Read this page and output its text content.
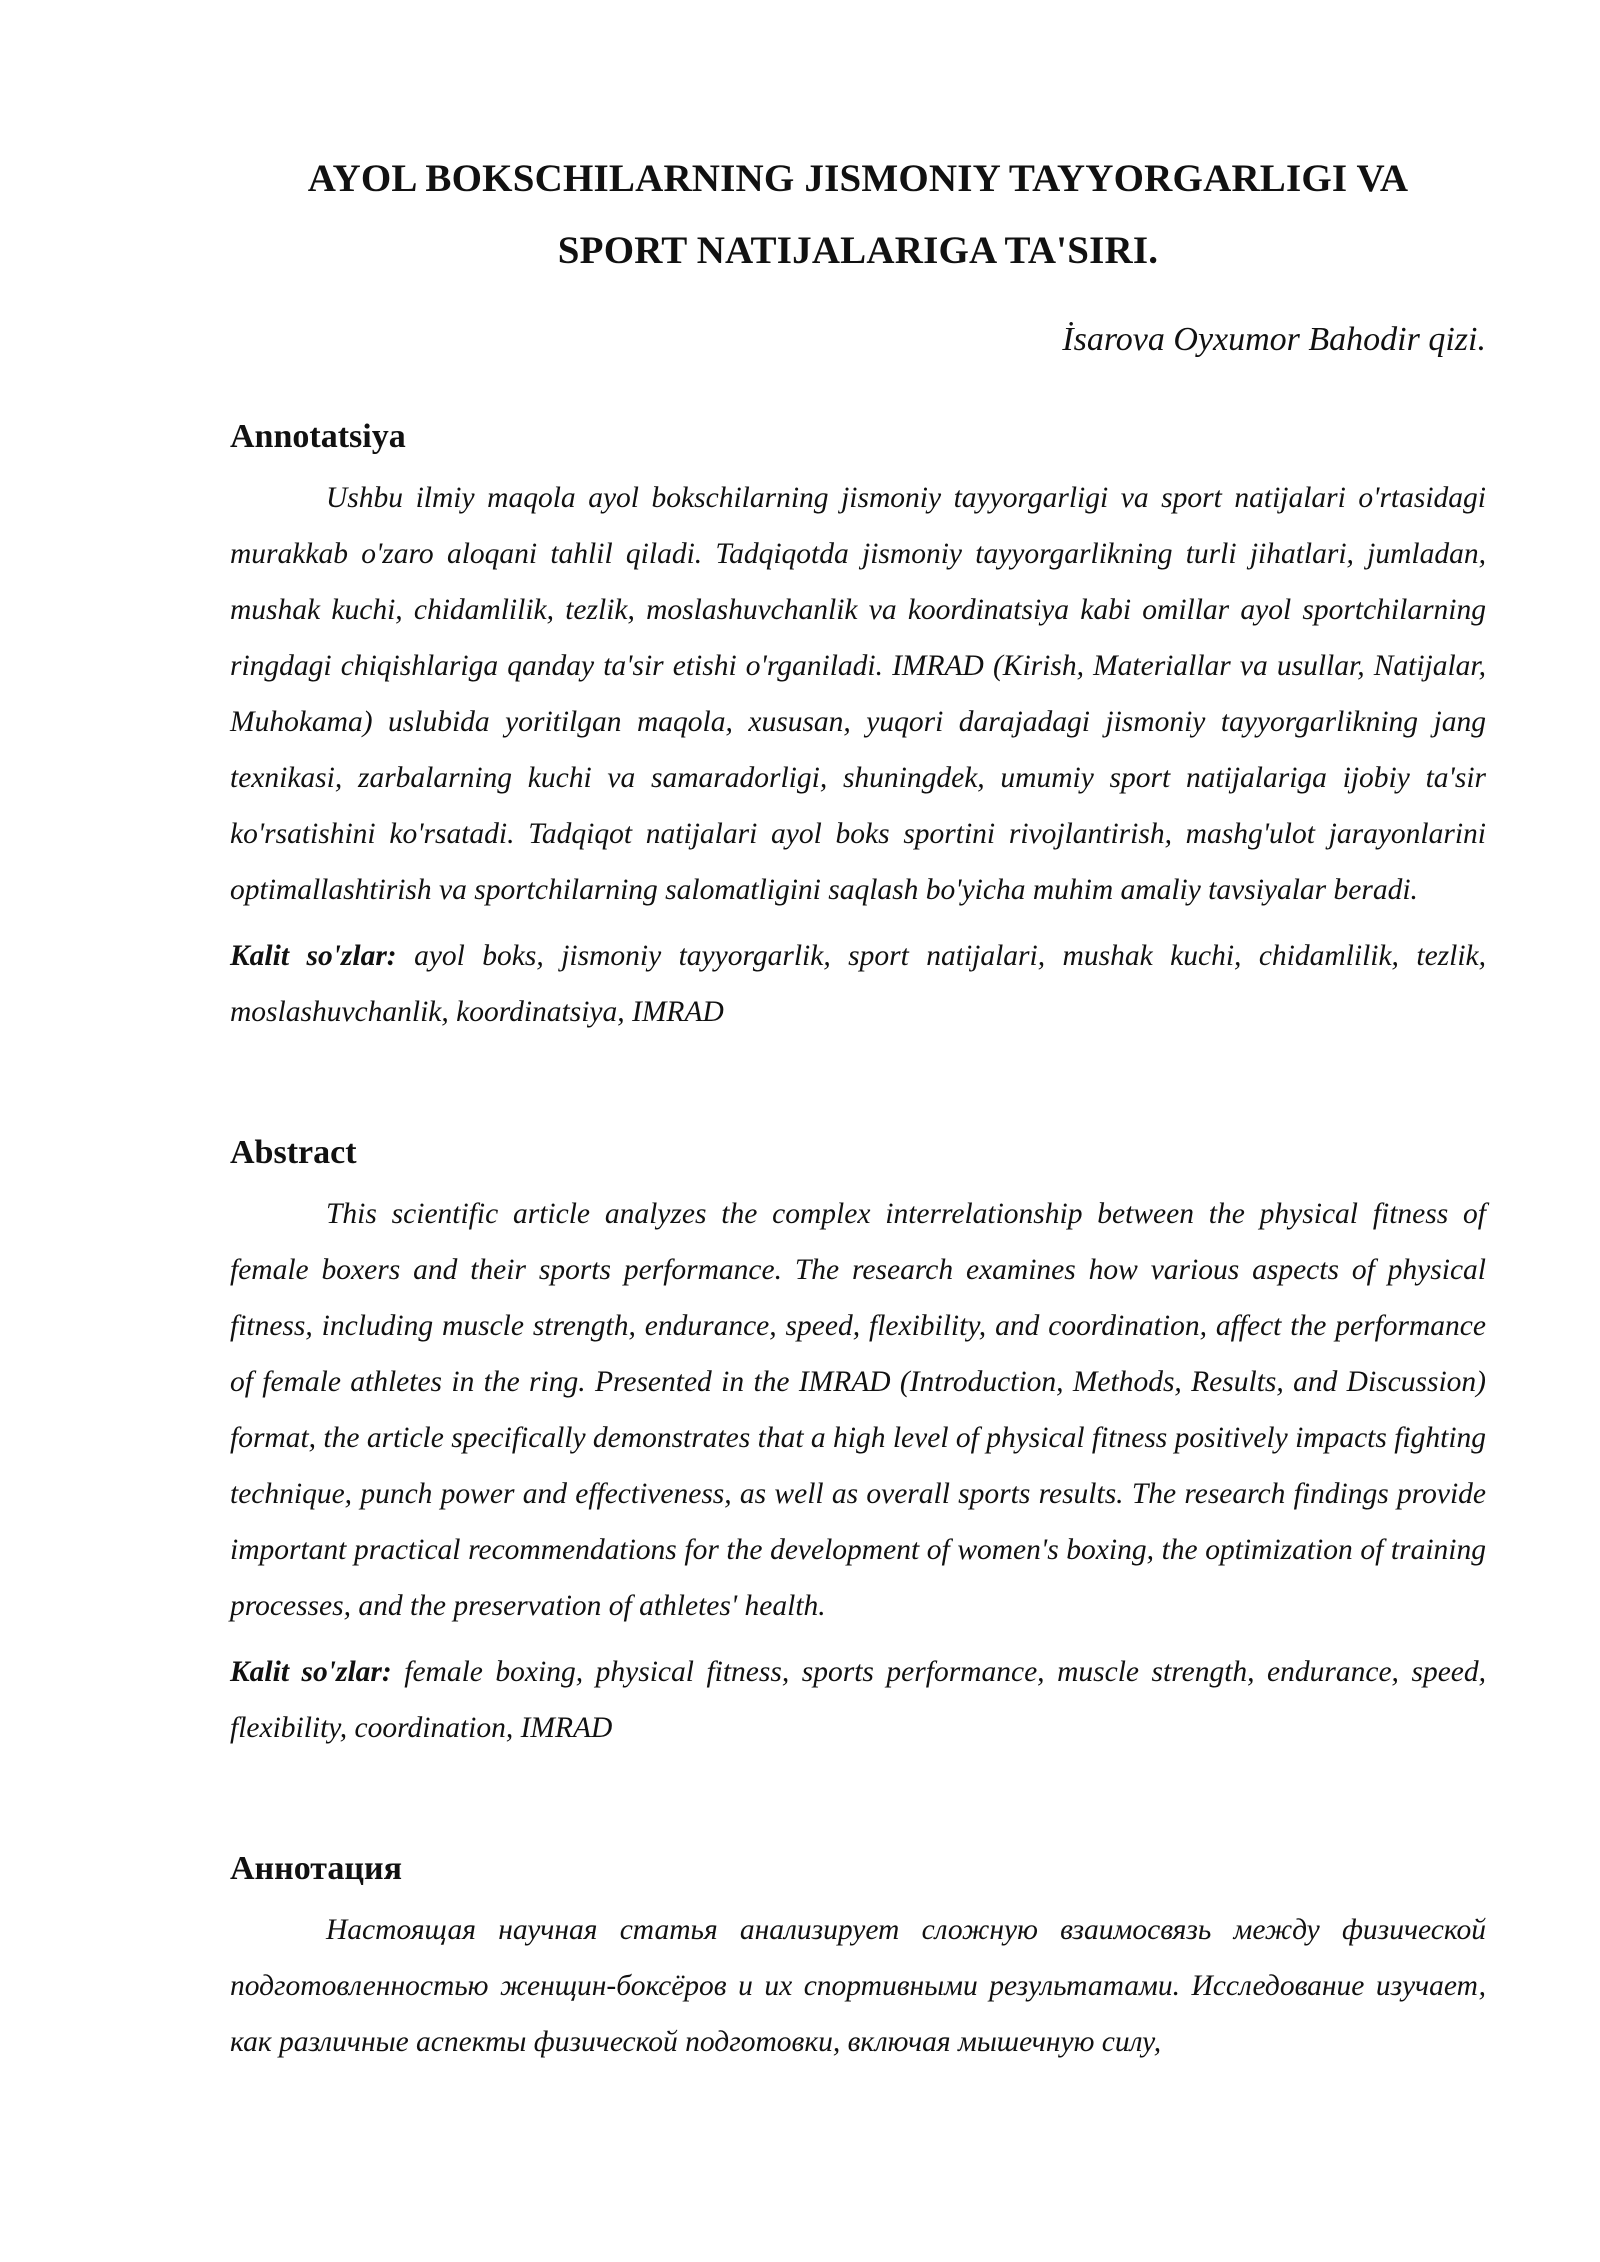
AYOL BOKSCHILARNING JISMONIY TAYYORGARLIGI VA
SPORT NATIJALARIGA TA'SIRI.
İsarova Oyxumor Bahodir qizi.
Annotatsiya

Ushbu ilmiy maqola ayol bokschilarning jismoniy tayyorgarligi va sport natijalari o'rtasidagi murakkab o'zaro aloqani tahlil qiladi. Tadqiqotda jismoniy tayyorgarlikning turli jihatlari, jumladan, mushak kuchi, chidamlilik, tezlik, moslashuvchanlik va koordinatsiya kabi omillar ayol sportchilarning ringdagi chiqishlariga qanday ta'sir etishi o'rganiladi. IMRAD (Kirish, Materiallar va usullar, Natijalar, Muhokama) uslubida yoritilgan maqola, xususan, yuqori darajadagi jismoniy tayyorgarlikning jang texnikasi, zarbalarning kuchi va samaradorligi, shuningdek, umumiy sport natijalariga ijobiy ta'sir ko'rsatishini ko'rsatadi. Tadqiqot natijalari ayol boks sportini rivojlantirish, mashg'ulot jarayonlarini optimallashtirish va sportchilarning salomatligini saqlash bo'yicha muhim amaliy tavsiyalar beradi.

Kalit so'zlar: ayol boks, jismoniy tayyorgarlik, sport natijalari, mushak kuchi, chidamlilik, tezlik, moslashuvchanlik, koordinatsiya, IMRAD

Abstract

This scientific article analyzes the complex interrelationship between the physical fitness of female boxers and their sports performance. The research examines how various aspects of physical fitness, including muscle strength, endurance, speed, flexibility, and coordination, affect the performance of female athletes in the ring. Presented in the IMRAD (Introduction, Methods, Results, and Discussion) format, the article specifically demonstrates that a high level of physical fitness positively impacts fighting technique, punch power and effectiveness, as well as overall sports results. The research findings provide important practical recommendations for the development of women's boxing, the optimization of training processes, and the preservation of athletes' health.

Kalit so'zlar: female boxing, physical fitness, sports performance, muscle strength, endurance, speed, flexibility, coordination, IMRAD

Аннотация

Настоящая научная статья анализирует сложную взаимосвязь между физической подготовленностью женщин-боксёров и их спортивными результатами. Исследование изучает, как различные аспекты физической подготовки, включая мышечную силу,
